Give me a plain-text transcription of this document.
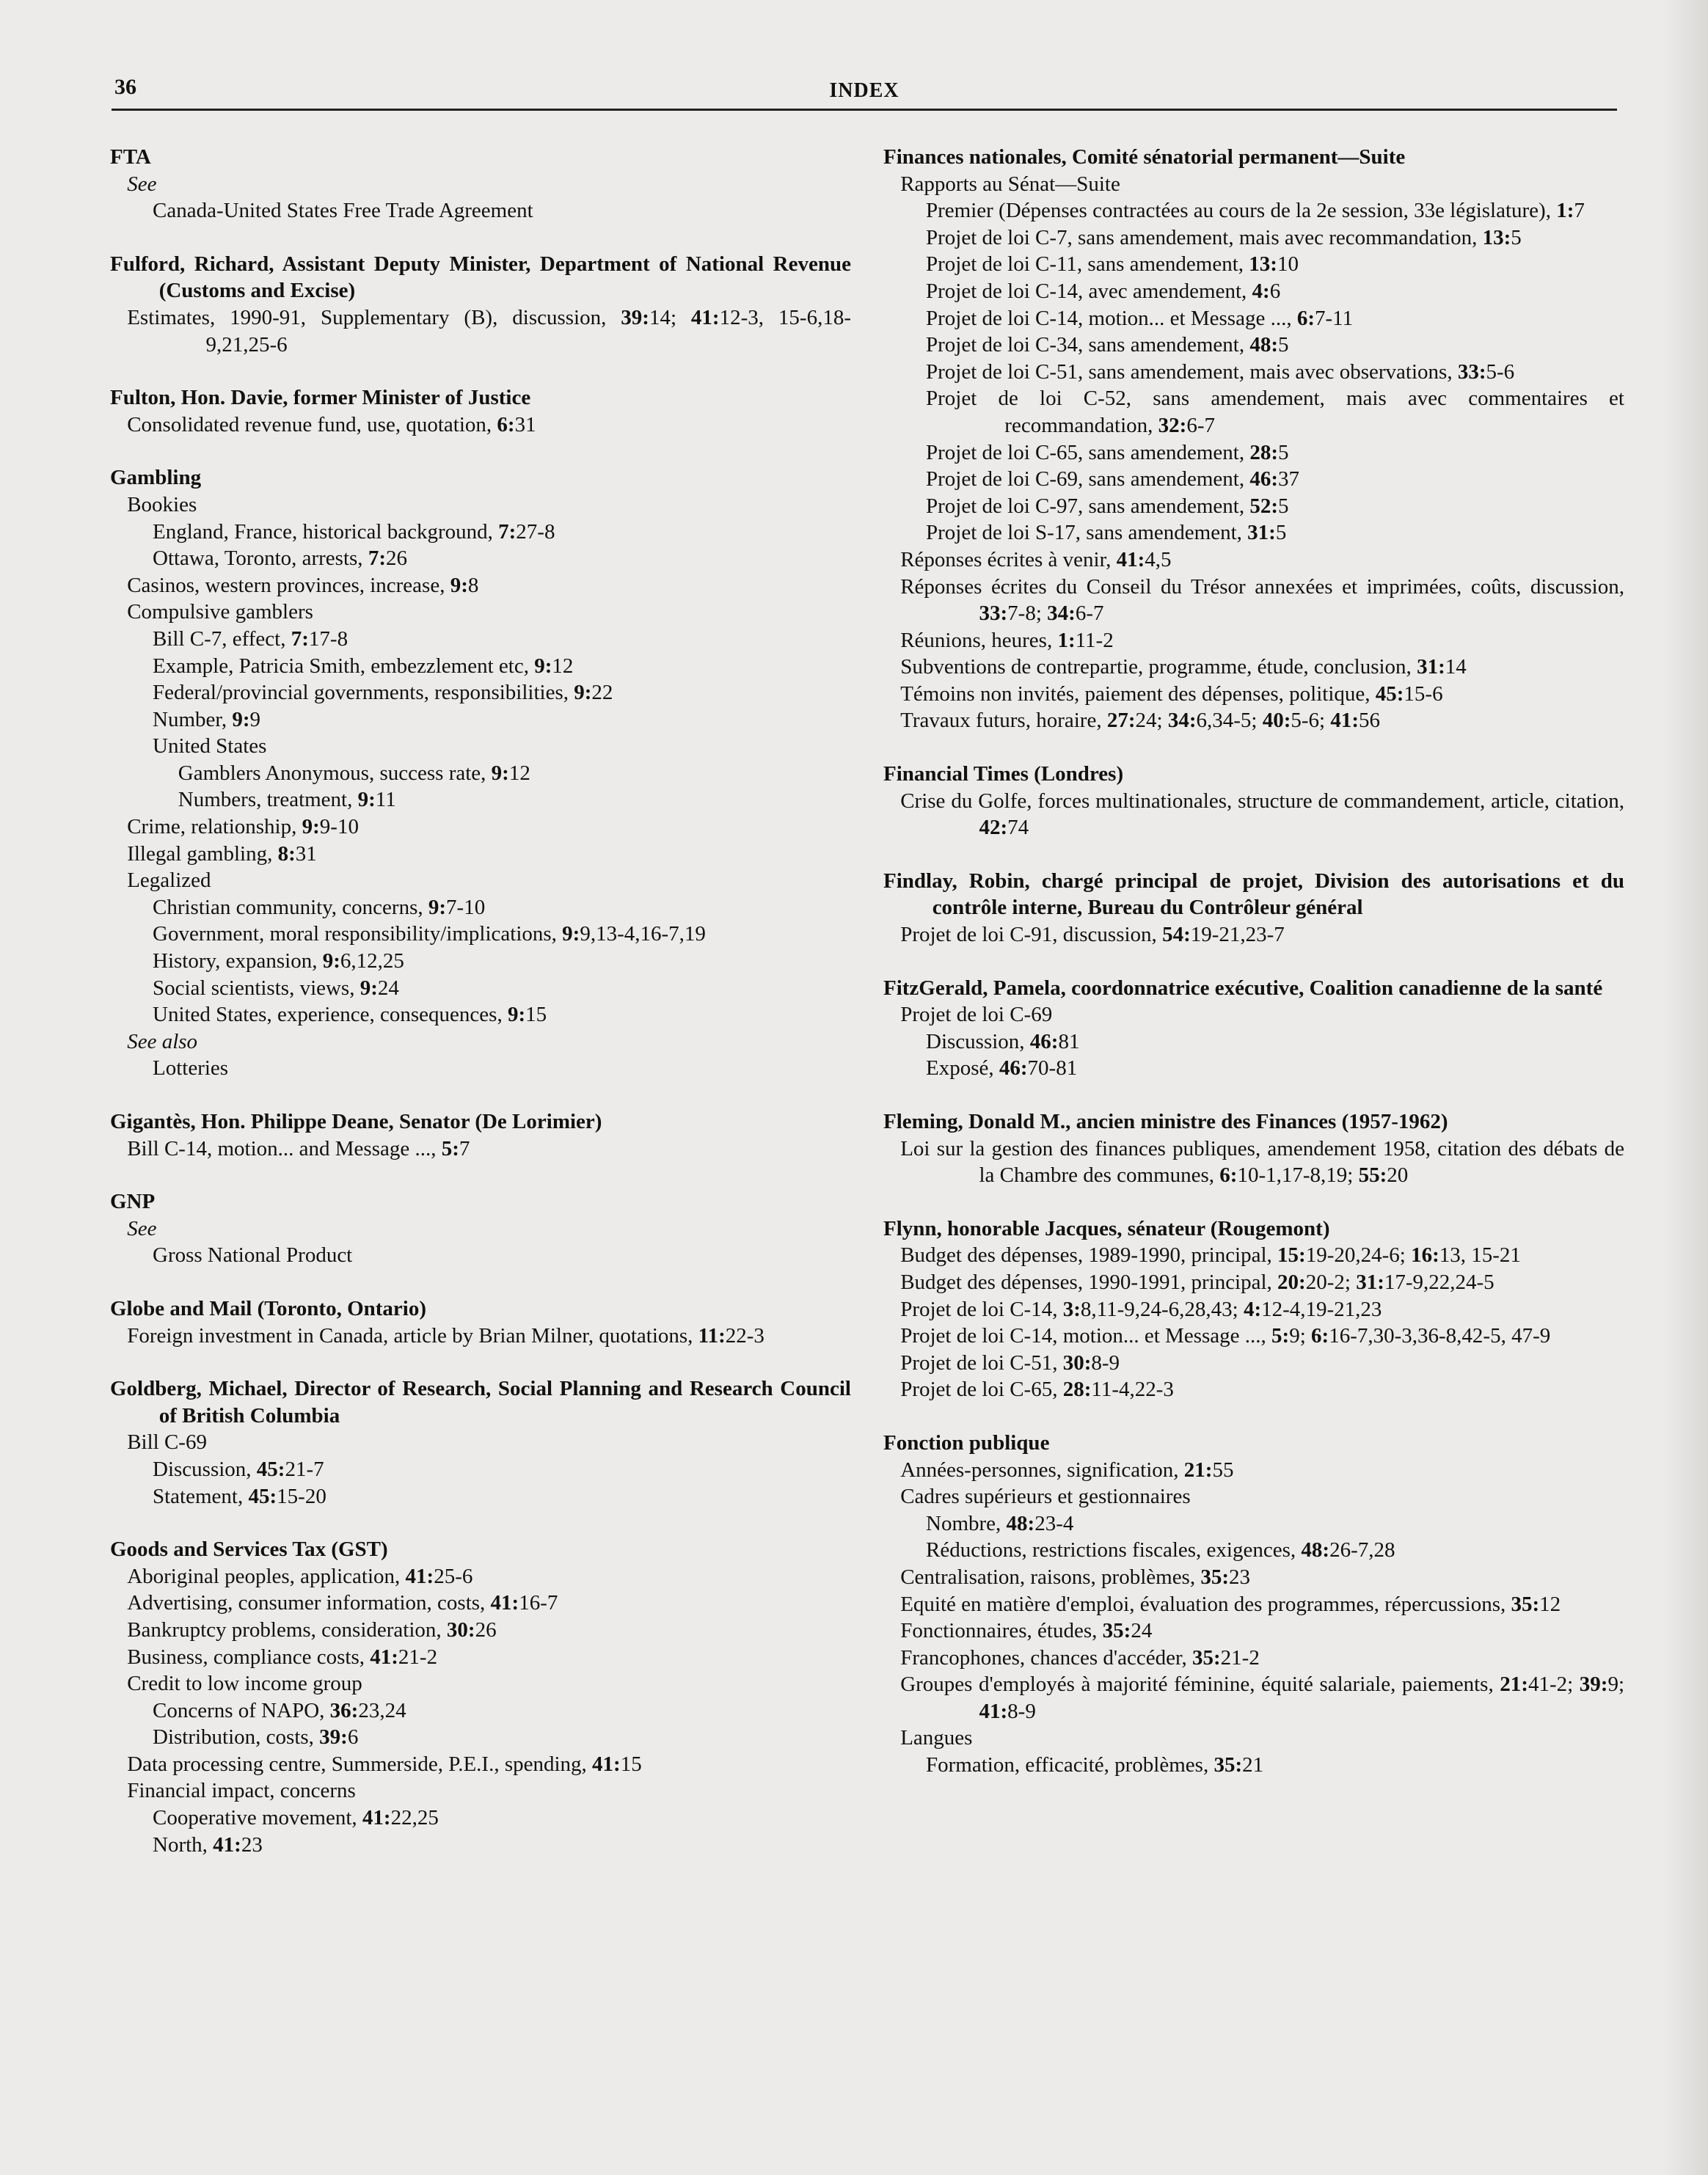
36	INDEX
FTA
See
Canada-United States Free Trade Agreement
Fulford, Richard, Assistant Deputy Minister, Department of National Revenue (Customs and Excise)
Estimates, 1990-91, Supplementary (B), discussion, 39:14; 41:12-3, 15-6,18-9,21,25-6
Fulton, Hon. Davie, former Minister of Justice
Consolidated revenue fund, use, quotation, 6:31
Gambling
Bookies
England, France, historical background, 7:27-8
Ottawa, Toronto, arrests, 7:26
Casinos, western provinces, increase, 9:8
Compulsive gamblers
Bill C-7, effect, 7:17-8
Example, Patricia Smith, embezzlement etc, 9:12
Federal/provincial governments, responsibilities, 9:22
Number, 9:9
United States
Gamblers Anonymous, success rate, 9:12
Numbers, treatment, 9:11
Crime, relationship, 9:9-10
Illegal gambling, 8:31
Legalized
Christian community, concerns, 9:7-10
Government, moral responsibility/implications, 9:9,13-4,16-7,19
History, expansion, 9:6,12,25
Social scientists, views, 9:24
United States, experience, consequences, 9:15
See also
Lotteries
Gigantès, Hon. Philippe Deane, Senator (De Lorimier)
Bill C-14, motion... and Message ..., 5:7
GNP
See
Gross National Product
Globe and Mail (Toronto, Ontario)
Foreign investment in Canada, article by Brian Milner, quotations, 11:22-3
Goldberg, Michael, Director of Research, Social Planning and Research Council of British Columbia
Bill C-69
Discussion, 45:21-7
Statement, 45:15-20
Goods and Services Tax (GST)
Aboriginal peoples, application, 41:25-6
Advertising, consumer information, costs, 41:16-7
Bankruptcy problems, consideration, 30:26
Business, compliance costs, 41:21-2
Credit to low income group
Concerns of NAPO, 36:23,24
Distribution, costs, 39:6
Data processing centre, Summerside, P.E.I., spending, 41:15
Financial impact, concerns
Cooperative movement, 41:22,25
North, 41:23
Finances nationales, Comité sénatorial permanent—Suite
Rapports au Sénat—Suite
Premier (Dépenses contractées au cours de la 2e session, 33e législature), 1:7
Projet de loi C-7, sans amendement, mais avec recommandation, 13:5
Projet de loi C-11, sans amendement, 13:10
Projet de loi C-14, avec amendement, 4:6
Projet de loi C-14, motion... et Message ..., 6:7-11
Projet de loi C-34, sans amendement, 48:5
Projet de loi C-51, sans amendement, mais avec observations, 33:5-6
Projet de loi C-52, sans amendement, mais avec commentaires et recommandation, 32:6-7
Projet de loi C-65, sans amendement, 28:5
Projet de loi C-69, sans amendement, 46:37
Projet de loi C-97, sans amendement, 52:5
Projet de loi S-17, sans amendement, 31:5
Réponses écrites à venir, 41:4,5
Réponses écrites du Conseil du Trésor annexées et imprimées, coûts, discussion, 33:7-8; 34:6-7
Réunions, heures, 1:11-2
Subventions de contrepartie, programme, étude, conclusion, 31:14
Témoins non invités, paiement des dépenses, politique, 45:15-6
Travaux futurs, horaire, 27:24; 34:6,34-5; 40:5-6; 41:56
Financial Times (Londres)
Crise du Golfe, forces multinationales, structure de commandement, article, citation, 42:74
Findlay, Robin, chargé principal de projet, Division des autorisations et du contrôle interne, Bureau du Contrôleur général
Projet de loi C-91, discussion, 54:19-21,23-7
FitzGerald, Pamela, coordonnatrice exécutive, Coalition canadienne de la santé
Projet de loi C-69
Discussion, 46:81
Exposé, 46:70-81
Fleming, Donald M., ancien ministre des Finances (1957-1962)
Loi sur la gestion des finances publiques, amendement 1958, citation des débats de la Chambre des communes, 6:10-1,17-8,19; 55:20
Flynn, honorable Jacques, sénateur (Rougemont)
Budget des dépenses, 1989-1990, principal, 15:19-20,24-6; 16:13, 15-21
Budget des dépenses, 1990-1991, principal, 20:20-2; 31:17-9,22,24-5
Projet de loi C-14, 3:8,11-9,24-6,28,43; 4:12-4,19-21,23
Projet de loi C-14, motion... et Message ..., 5:9; 6:16-7,30-3,36-8,42-5, 47-9
Projet de loi C-51, 30:8-9
Projet de loi C-65, 28:11-4,22-3
Fonction publique
Années-personnes, signification, 21:55
Cadres supérieurs et gestionnaires
Nombre, 48:23-4
Réductions, restrictions fiscales, exigences, 48:26-7,28
Centralisation, raisons, problèmes, 35:23
Equité en matière d'emploi, évaluation des programmes, répercussions, 35:12
Fonctionnaires, études, 35:24
Francophones, chances d'accéder, 35:21-2
Groupes d'employés à majorité féminine, équité salariale, paiements, 21:41-2; 39:9; 41:8-9
Langues
Formation, efficacité, problèmes, 35:21
